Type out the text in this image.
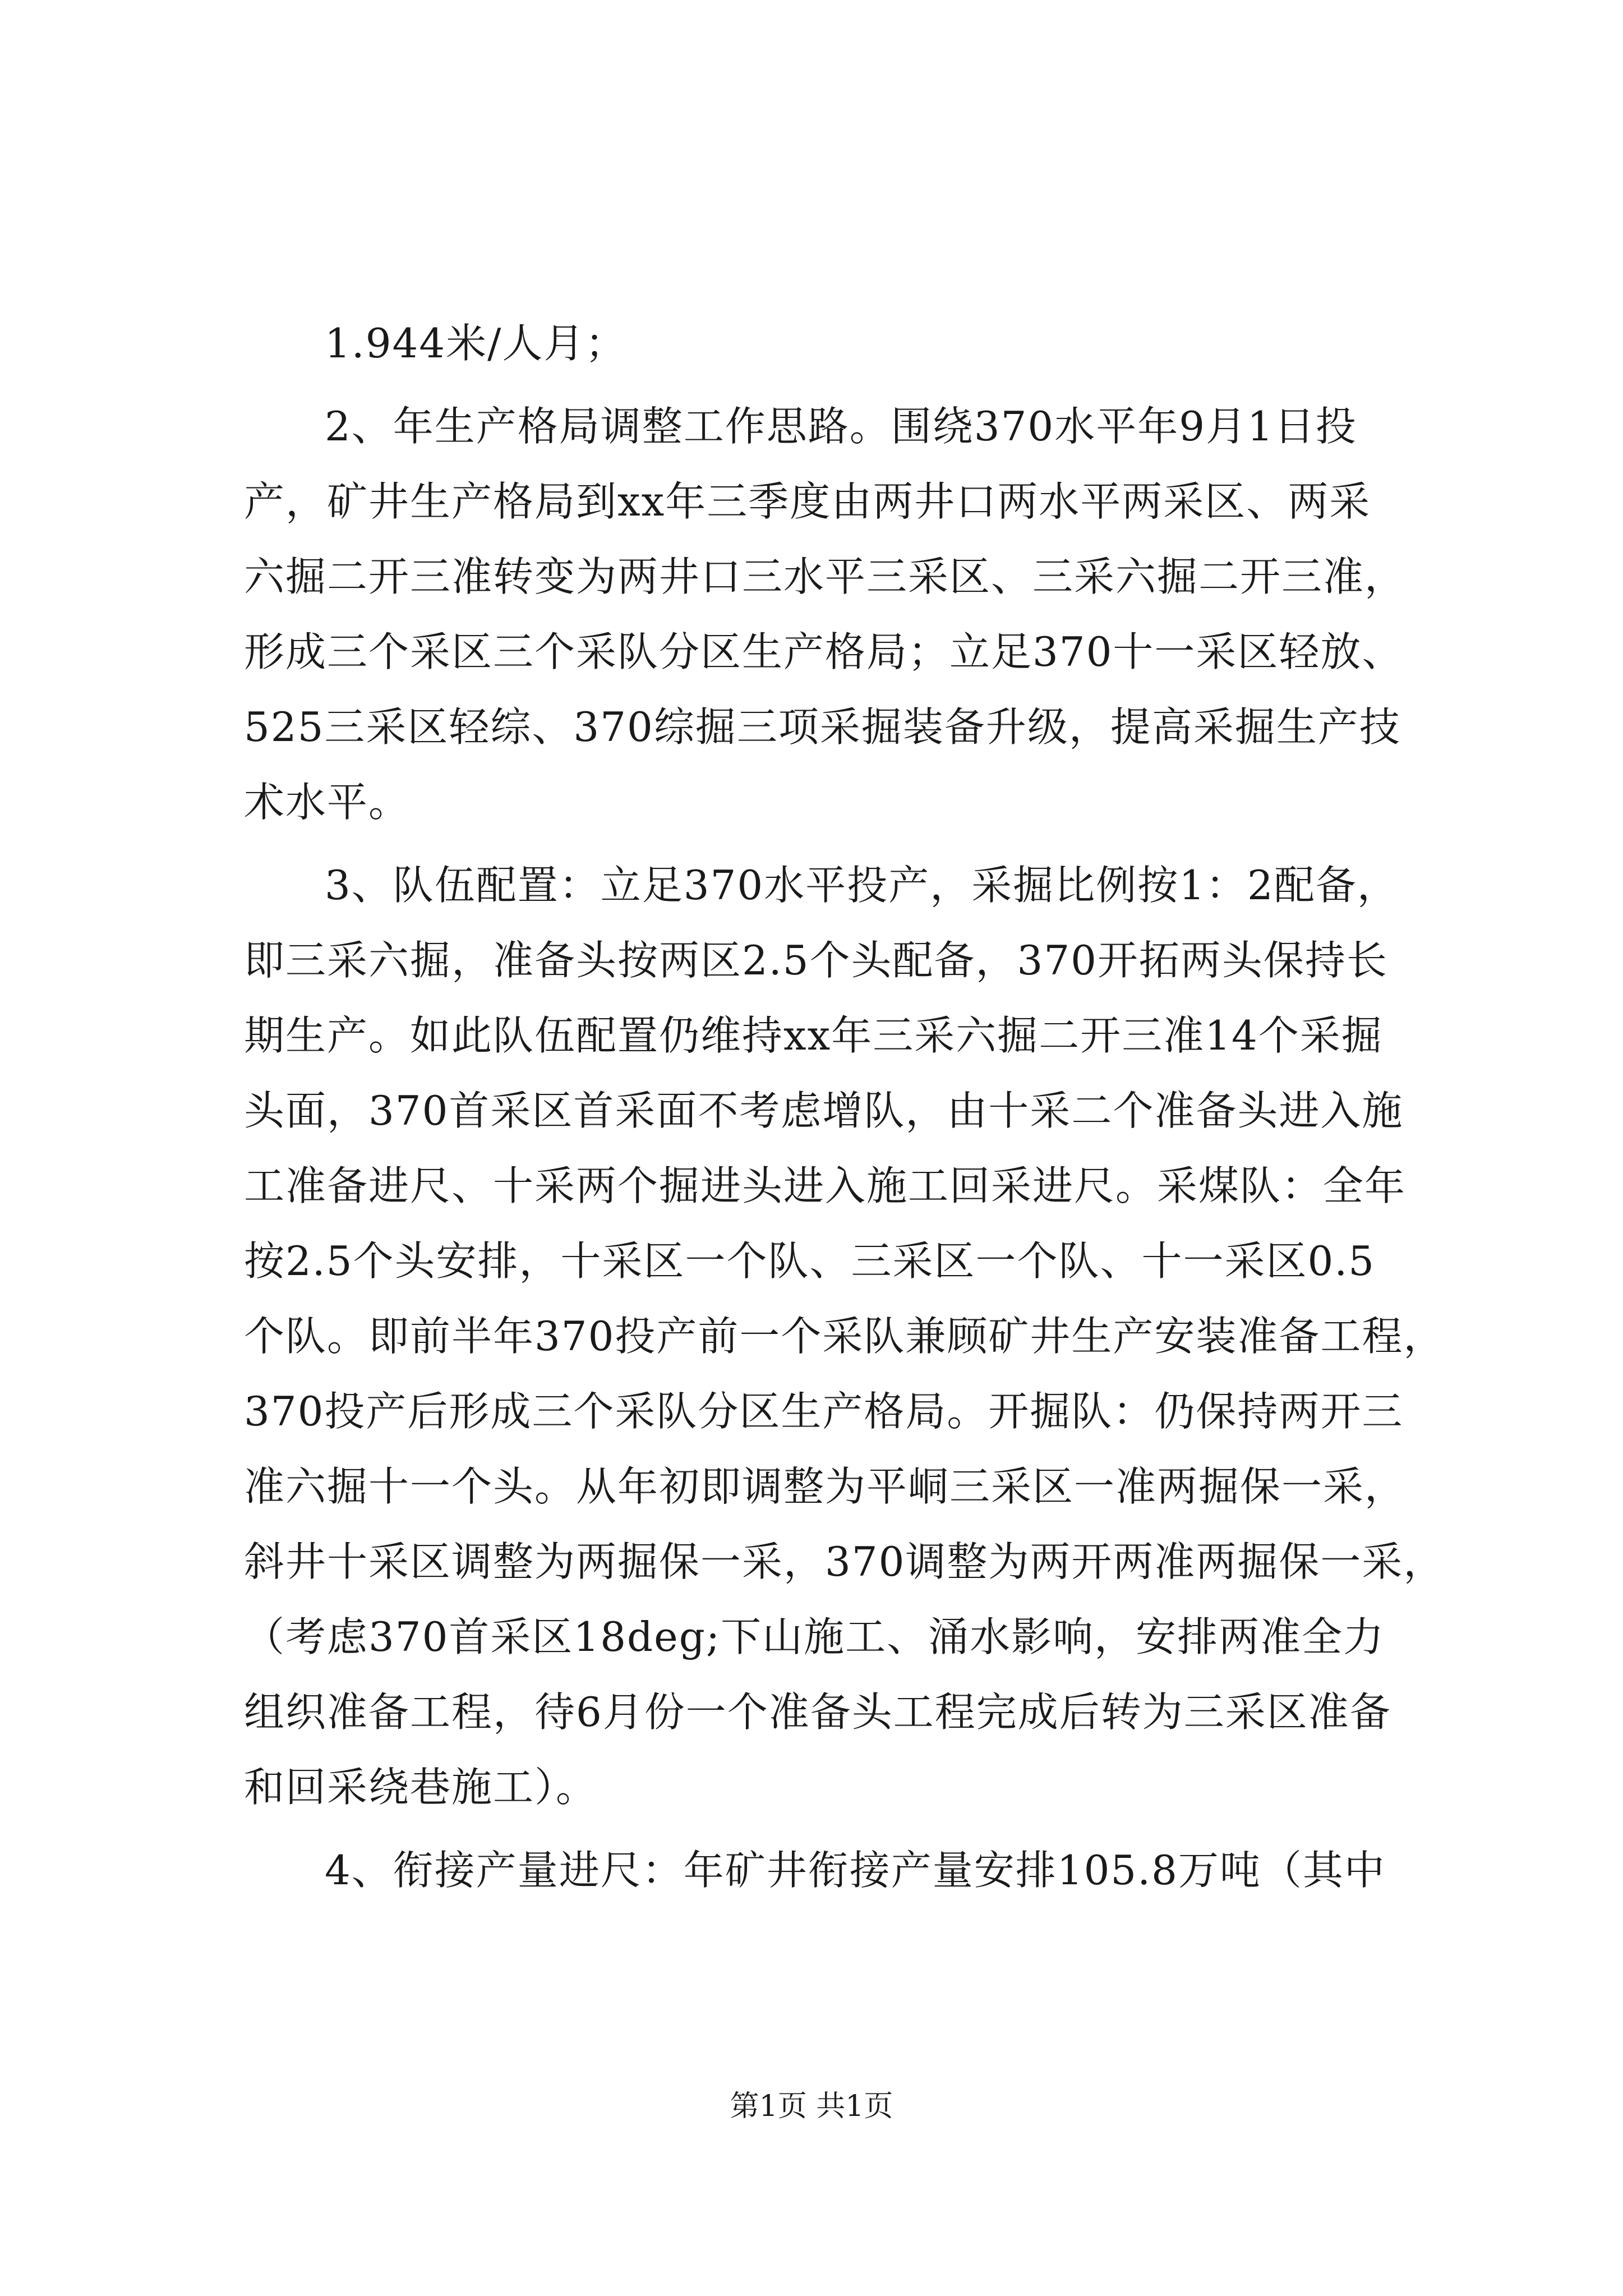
1.944米/人月；
2、年生产格局调整工作思路。围绕370水平年9月1日投
产，矿井生产格局到xx年三季度由两井口两水平两采区、两采
六掘二开三准转变为两井口三水平三采区、三采六掘二开三准，
形成三个采区三个采队分区生产格局；立足370十一采区轻放、
525三采区轻综、370综掘三项采掘装备升级，提高采掘生产技
术水平。
3、队伍配置：立足370水平投产，采掘比例按1：2配备，
即三采六掘，准备头按两区2.5个头配备，370开拓两头保持长
期生产。如此队伍配置仍维持xx年三采六掘二开三准14个采掘
头面，370首采区首采面不考虑增队，由十采二个准备头进入施
工准备进尺、十采两个掘进头进入施工回采进尺。采煤队：全年
按2.5个头安排，十采区一个队、三采区一个队、十一采区0.5
个队。即前半年370投产前一个采队兼顾矿井生产安装准备工程，
370投产后形成三个采队分区生产格局。开掘队：仍保持两开三
准六掘十一个头。从年初即调整为平峒三采区一准两掘保一采，
斜井十采区调整为两掘保一采，370调整为两开两准两掘保一采，
（考虑370首采区18deg;下山施工、涌水影响，安排两准全力
组织准备工程，待6月份一个准备头工程完成后转为三采区准备
和回采绕巷施工）。
4、衔接产量进尺：年矿井衔接产量安排105.8万吨（其中
第1页 共1页
